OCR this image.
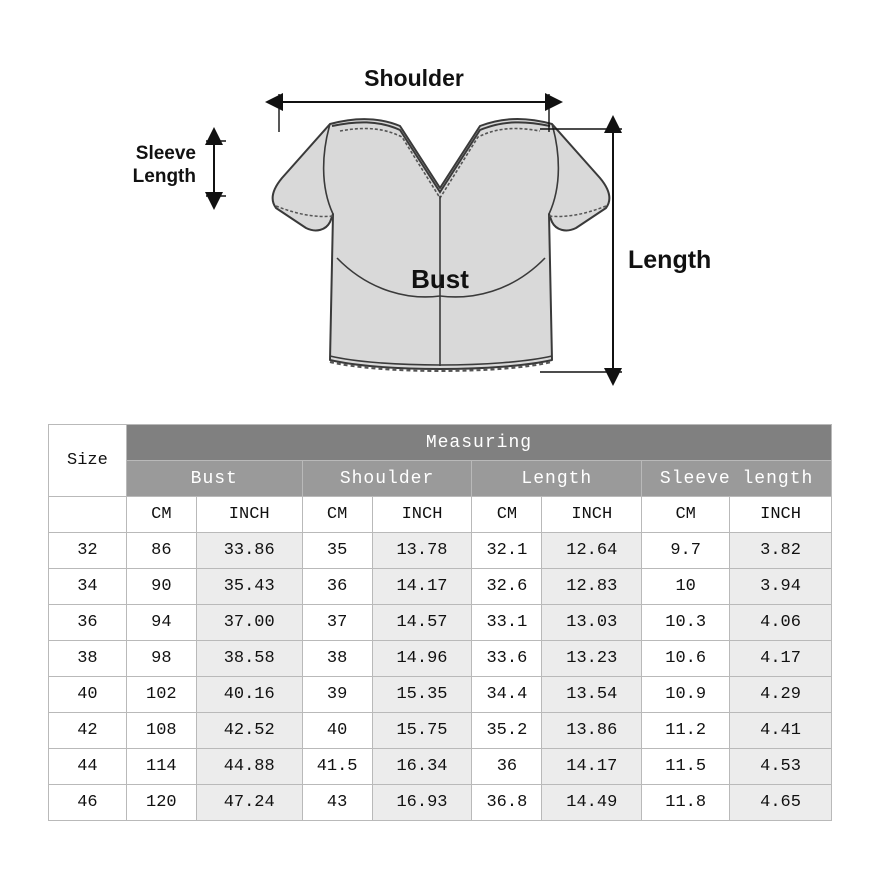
Shoulder
Sleeve
Length
Length
Bust
Size	Measuring							
	Bust		Shoulder		Length		Sleeve length	
	CM	INCH	CM	INCH	CM	INCH	CM	INCH
32	86	33.86	35	13.78	32.1	12.64	9.7	3.82
34	90	35.43	36	14.17	32.6	12.83	10	3.94
36	94	37.00	37	14.57	33.1	13.03	10.3	4.06
38	98	38.58	38	14.96	33.6	13.23	10.6	4.17
40	102	40.16	39	15.35	34.4	13.54	10.9	4.29
42	108	42.52	40	15.75	35.2	13.86	11.2	4.41
44	114	44.88	41.5	16.34	36	14.17	11.5	4.53
46	120	47.24	43	16.93	36.8	14.49	11.8	4.65
